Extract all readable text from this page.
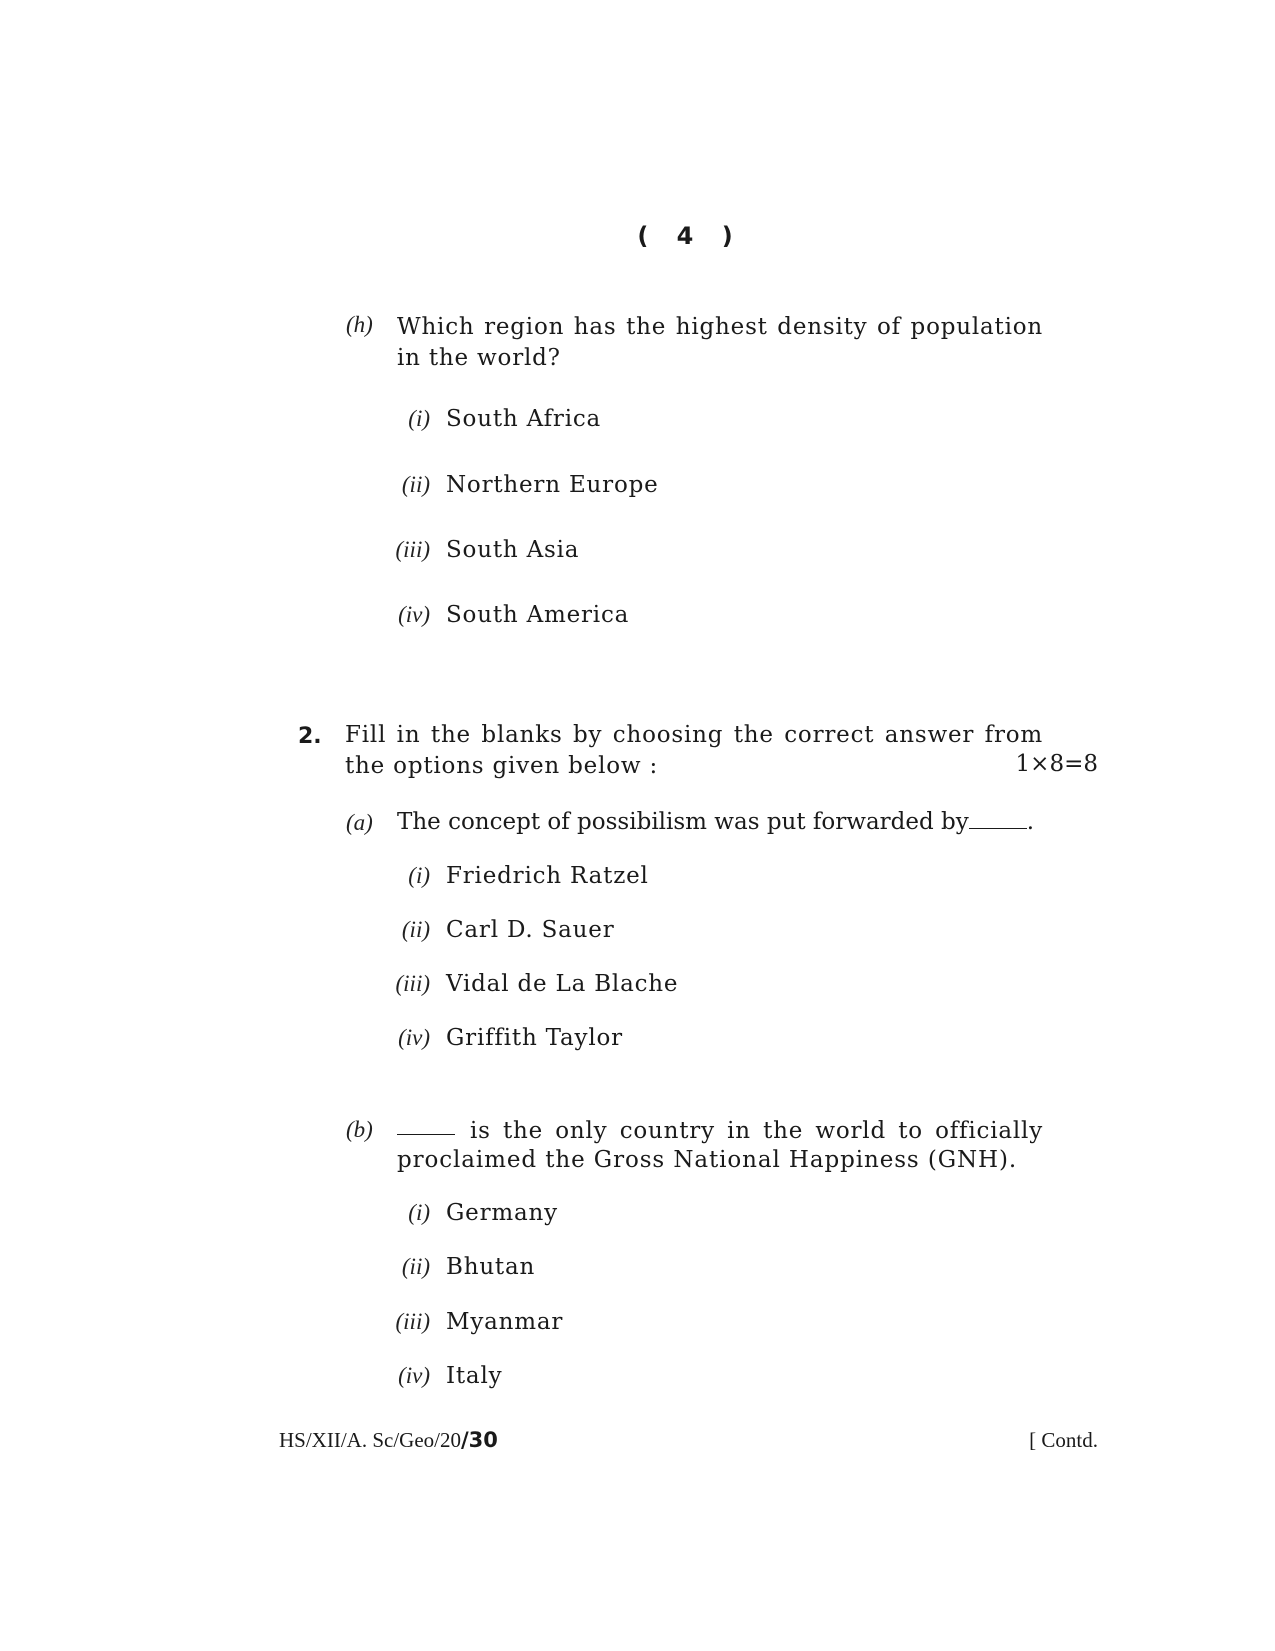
( 4 )
(h) Which region has the highest density of population
in the world?
(i) South Africa
(ii) Northern Europe
(iii) South Asia
(iv) South America
2. Fill in the blanks by choosing the correct answer from
the options given below :	1×8=8
(a) The concept of possibilism was put forwarded by	.
(i) Friedrich Ratzel
(ii) Carl D. Sauer
(iii) Vidal de La Blache
(iv) Griffith Taylor
(b)	is the only country in the world to officially
proclaimed the Gross National Happiness (GNH).
(i) Germany
(ii) Bhutan
(iii) Myanmar
(iv) Italy
HS/XII/A. Sc/Geo/20/30	[ Contd.
